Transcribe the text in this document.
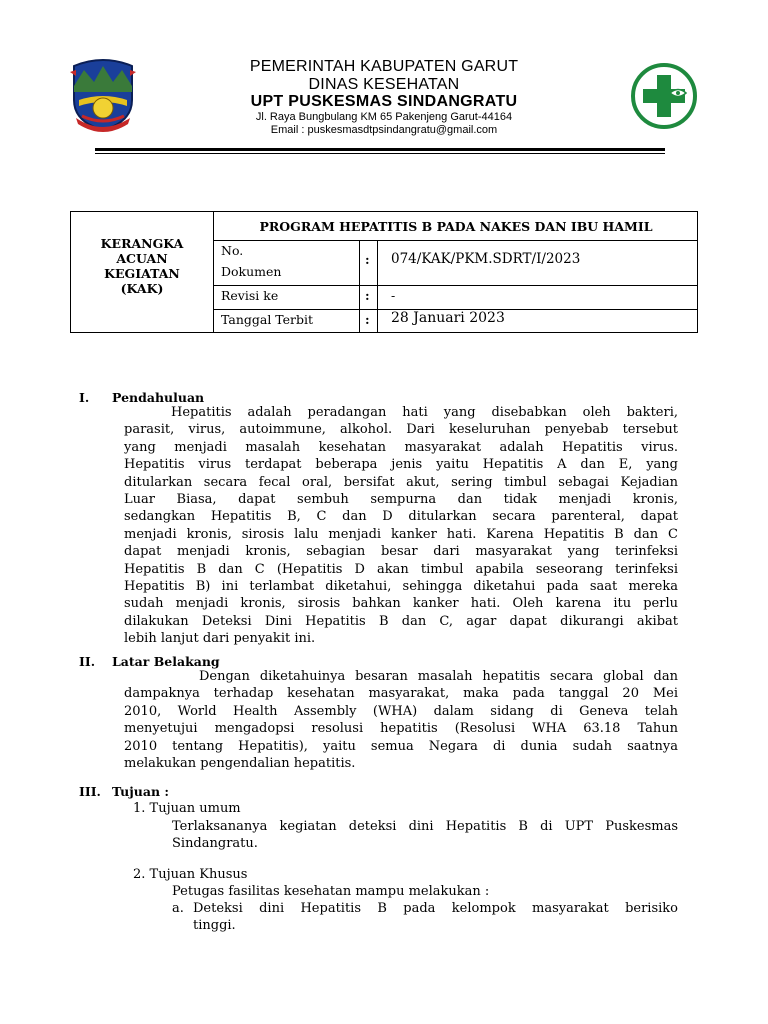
PEMERINTAH KABUPATEN GARUT
DINAS KESEHATAN
UPT PUSKESMAS SINDANGRATU
Jl. Raya Bungbulang KM 65 Pakenjeng Garut-44164
Email : puskesmasdtpsindangratu@gmail.com
KERANGKA
ACUAN
KEGIATAN
(KAK)
PROGRAM HEPATITIS B PADA NAKES DAN IBU HAMIL
No.
Dokumen
: 074/KAK/PKM.SDRT/I/2023
Revisi ke	: -
Tanggal Terbit	: 28 Januari 2023
I. Pendahuluan
Hepatitis adalah peradangan hati yang disebabkan oleh bakteri,
parasit, virus, autoimmune, alkohol. Dari keseluruhan penyebab tersebut
yang menjadi masalah kesehatan masyarakat adalah Hepatitis virus.
Hepatitis virus terdapat beberapa jenis yaitu Hepatitis A dan E, yang
ditularkan secara fecal oral, bersifat akut, sering timbul sebagai Kejadian
Luar Biasa, dapat sembuh sempurna dan tidak menjadi kronis,
sedangkan Hepatitis B, C dan D ditularkan secara parenteral, dapat
menjadi kronis, sirosis lalu menjadi kanker hati. Karena Hepatitis B dan C
dapat menjadi kronis, sebagian besar dari masyarakat yang terinfeksi
Hepatitis B dan C (Hepatitis D akan timbul apabila seseorang terinfeksi
Hepatitis B) ini terlambat diketahui, sehingga diketahui pada saat mereka
sudah menjadi kronis, sirosis bahkan kanker hati. Oleh karena itu perlu
dilakukan Deteksi Dini Hepatitis B dan C, agar dapat dikurangi akibat
lebih lanjut dari penyakit ini.
II. Latar Belakang
Dengan diketahuinya besaran masalah hepatitis secara global dan
dampaknya terhadap kesehatan masyarakat, maka pada tanggal 20 Mei
2010, World Health Assembly (WHA) dalam sidang di Geneva telah
menyetujui mengadopsi resolusi hepatitis (Resolusi WHA 63.18 Tahun
2010 tentang Hepatitis), yaitu semua Negara di dunia sudah saatnya
melakukan pengendalian hepatitis.
III. Tujuan :
1. Tujuan umum
Terlaksananya kegiatan deteksi dini Hepatitis B di UPT Puskesmas
Sindangratu.
2. Tujuan Khusus
Petugas fasilitas kesehatan mampu melakukan :
a. Deteksi dini Hepatitis B pada kelompok masyarakat berisiko
tinggi.
